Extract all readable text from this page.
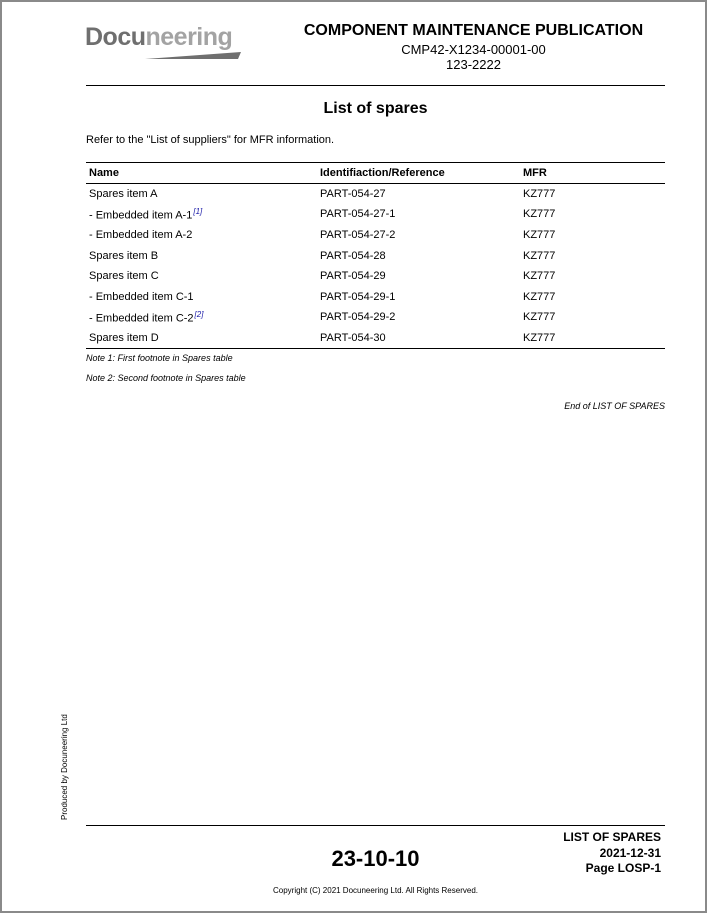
Docuneering	COMPONENT MAINTENANCE PUBLICATION
CMP42-X1234-00001-00
123-2222
List of spares
Refer to the "List of suppliers" for MFR information.
Name	Identifiaction/Reference	MFR
Spares item A	PART-054-27	KZ777
- Embedded item A-1[1]	PART-054-27-1	KZ777
- Embedded item A-2	PART-054-27-2	KZ777
Spares item B	PART-054-28	KZ777
Spares item C	PART-054-29	KZ777
- Embedded item C-1	PART-054-29-1	KZ777
- Embedded item C-2[2]	PART-054-29-2	KZ777
Spares item D	PART-054-30	KZ777
Note 1: First footnote in Spares table
Note 2: Second footnote in Spares table
End of LIST OF SPARES
Produced by Docuneering Ltd
23-10-10
LIST OF SPARES
2021-12-31
Page LOSP-1
Copyright (C) 2021 Docuneering Ltd. All Rights Reserved.
